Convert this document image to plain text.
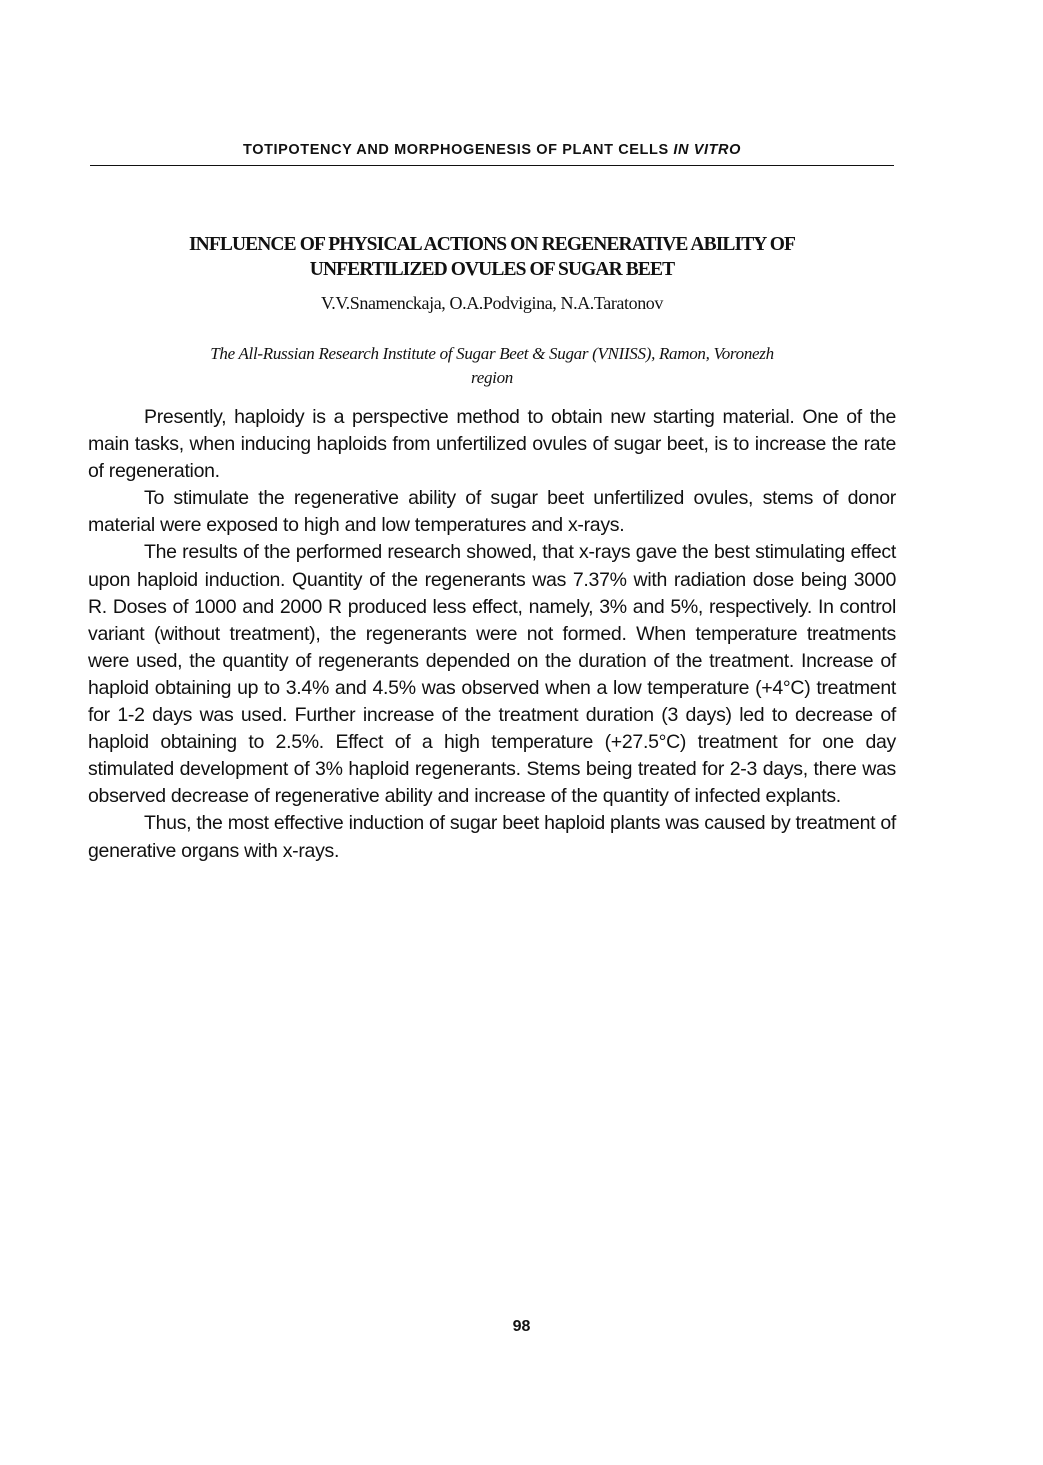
TOTIPOTENCY AND MORPHOGENESIS OF PLANT CELLS IN VITRO
INFLUENCE OF PHYSICAL ACTIONS ON REGENERATIVE ABILITY OF
UNFERTILIZED OVULES OF SUGAR BEET
V.V.Snamenckaja, O.A.Podvigina, N.A.Taratonov
The All-Russian Research Institute of Sugar Beet & Sugar (VNIISS), Ramon, Voronezh
region

Presently, haploidy is a perspective method to obtain new starting material. One of the main tasks, when inducing haploids from unfertilized ovules of sugar beet, is to increase the rate of regeneration.

To stimulate the regenerative ability of sugar beet unfertilized ovules, stems of donor material were exposed to high and low temperatures and x-rays.

The results of the performed research showed, that x-rays gave the best stimulating effect upon haploid induction. Quantity of the regenerants was 7.37% with radiation dose being 3000 R. Doses of 1000 and 2000 R produced less effect, namely, 3% and 5%, respectively. In control variant (without treatment), the regenerants were not formed. When temperature treatments were used, the quantity of regenerants depended on the duration of the treatment. Increase of haploid obtaining up to 3.4% and 4.5% was observed when a low temperature (+4°C) treatment for 1-2 days was used. Further increase of the treatment duration (3 days) led to decrease of haploid obtaining to 2.5%. Effect of a high temperature (+27.5°C) treatment for one day stimulated development of 3% haploid regenerants. Stems being treated for 2-3 days, there was observed decrease of regenerative ability and increase of the quantity of infected explants.

Thus, the most effective induction of sugar beet haploid plants was caused by treatment of generative organs with x-rays.

98
